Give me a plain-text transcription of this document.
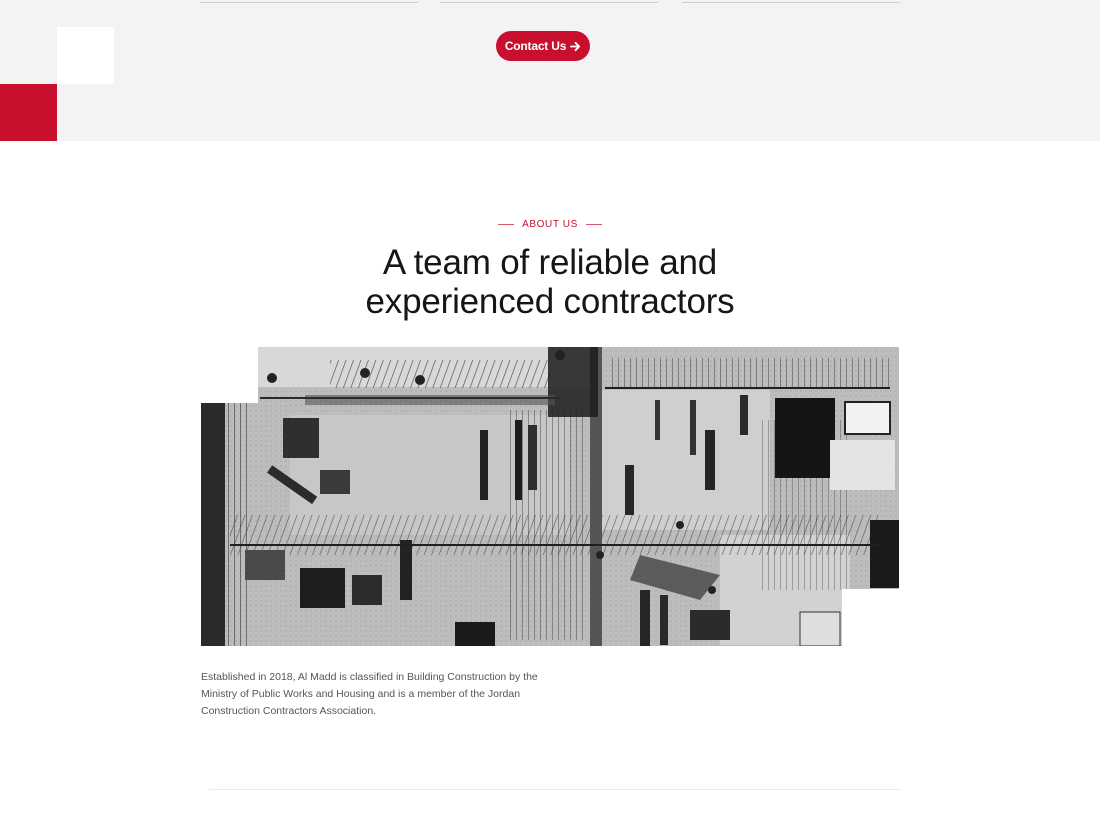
Contact Us
ABOUT US
A team of reliable and
experienced contractors

Established in 2018, Al Madd is classified in Building Construction by the Ministry of Public Works and Housing and is a member of the Jordan Construction Contractors Association.
